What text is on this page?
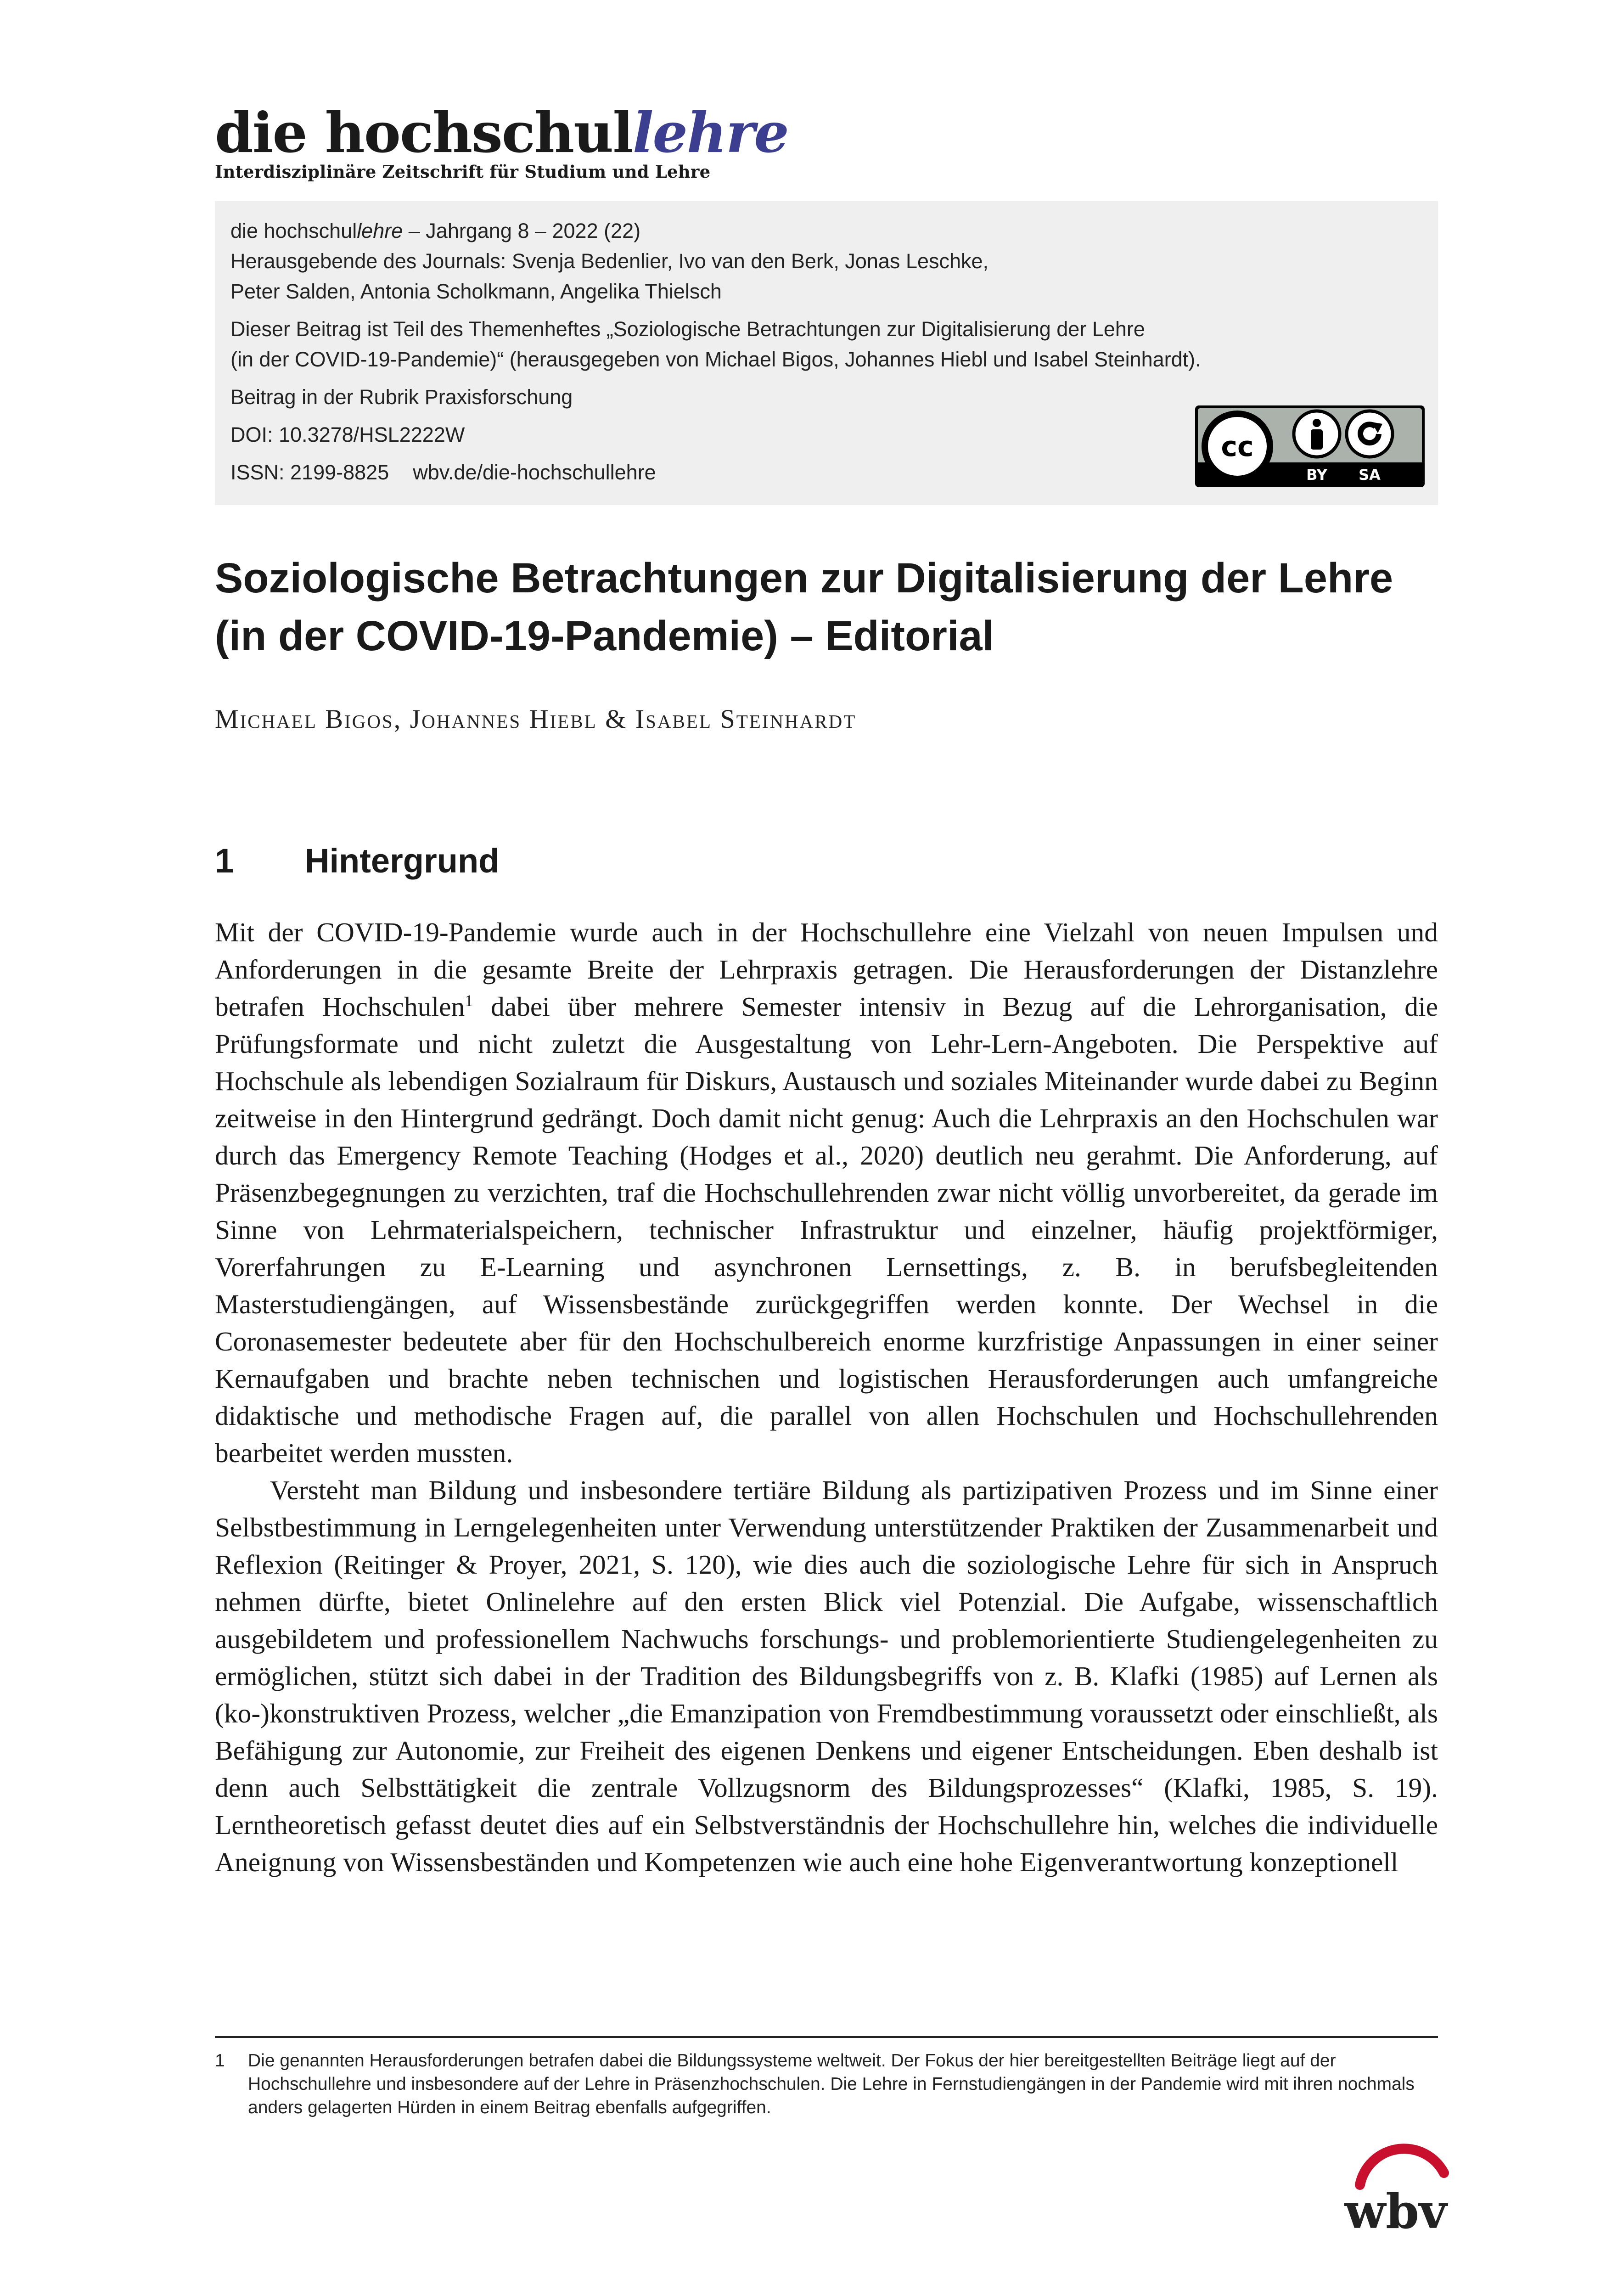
die hochschullehre
Interdisziplinäre Zeitschrift für Studium und Lehre
die hochschullehre – Jahrgang 8 – 2022 (22)
Herausgebende des Journals: Svenja Bedenlier, Ivo van den Berk, Jonas Leschke,
Peter Salden, Antonia Scholkmann, Angelika Thielsch
Dieser Beitrag ist Teil des Themenheftes „Soziologische Betrachtungen zur Digitalisierung der Lehre
(in der COVID-19-Pandemie)“ (herausgegeben von Michael Bigos, Johannes Hiebl und Isabel Steinhardt).
Beitrag in der Rubrik Praxisforschung
DOI: 10.3278/HSL2222W
ISSN: 2199-8825 wbv.de/die-hochschullehre
cc
BY SA
Soziologische Betrachtungen zur Digitalisierung der Lehre
(in der COVID-19-Pandemie) – Editorial
Michael Bigos, Johannes Hiebl & Isabel Steinhardt
1 Hintergrund

Mit der COVID-19-Pandemie wurde auch in der Hochschullehre eine Vielzahl von neuen Impulsen und Anforderungen in die gesamte Breite der Lehrpraxis getragen. Die Herausforderungen der Distanzlehre betrafen Hochschulen$^1$ dabei über mehrere Semester intensiv in Bezug auf die Lehrorganisation, die Prüfungsformate und nicht zuletzt die Ausgestaltung von Lehr-Lern-Angeboten. Die Perspektive auf Hochschule als lebendigen Sozialraum für Diskurs, Austausch und soziales Miteinander wurde dabei zu Beginn zeitweise in den Hintergrund gedrängt. Doch damit nicht genug: Auch die Lehrpraxis an den Hochschulen war durch das Emergency Remote Teaching (Hodges et al., 2020) deutlich neu gerahmt. Die Anforderung, auf Präsenzbegegnungen zu verzichten, traf die Hochschullehrenden zwar nicht völlig unvorbereitet, da gerade im Sinne von Lehrmaterialspeichern, technischer Infrastruktur und einzelner, häufig projektförmiger, Vorerfahrungen zu E-Learning und asynchronen Lernsettings, z. B. in berufsbegleitenden Masterstudiengängen, auf Wissensbestände zurückgegriffen werden konnte. Der Wechsel in die Coronasemester bedeutete aber für den Hochschulbereich enorme kurzfristige Anpassungen in einer seiner Kernaufgaben und brachte neben technischen und logistischen Herausforderungen auch umfangreiche didaktische und methodische Fragen auf, die parallel von allen Hochschulen und Hochschullehrenden bearbeitet werden mussten.

Versteht man Bildung und insbesondere tertiäre Bildung als partizipativen Prozess und im Sinne einer Selbstbestimmung in Lerngelegenheiten unter Verwendung unterstützender Praktiken der Zusammenarbeit und Reflexion (Reitinger & Proyer, 2021, S. 120), wie dies auch die soziologische Lehre für sich in Anspruch nehmen dürfte, bietet Onlinelehre auf den ersten Blick viel Potenzial. Die Aufgabe, wissenschaftlich ausgebildetem und professionellem Nachwuchs forschungs- und problemorientierte Studiengelegenheiten zu ermöglichen, stützt sich dabei in der Tradition des Bildungsbegriffs von z. B. Klafki (1985) auf Lernen als (ko-)konstruktiven Prozess, welcher „die Emanzipation von Fremdbestimmung voraussetzt oder einschließt, als Befähigung zur Autonomie, zur Freiheit des eigenen Denkens und eigener Entscheidungen. Eben deshalb ist denn auch Selbsttätigkeit die zentrale Vollzugsnorm des Bildungsprozesses“ (Klafki, 1985, S. 19). Lerntheoretisch gefasst deutet dies auf ein Selbstverständnis der Hochschullehre hin, welches die individuelle Aneignung von Wissensbeständen und Kompetenzen wie auch eine hohe Eigenverantwortung konzeptionell

1 Die genannten Herausforderungen betrafen dabei die Bildungssysteme weltweit. Der Fokus der hier bereitgestellten Beiträge liegt auf der Hochschullehre und insbesondere auf der Lehre in Präsenzhochschulen. Die Lehre in Fernstudiengängen in der Pandemie wird mit ihren nochmals anders gelagerten Hürden in einem Beitrag ebenfalls aufgegriffen.
wbv
